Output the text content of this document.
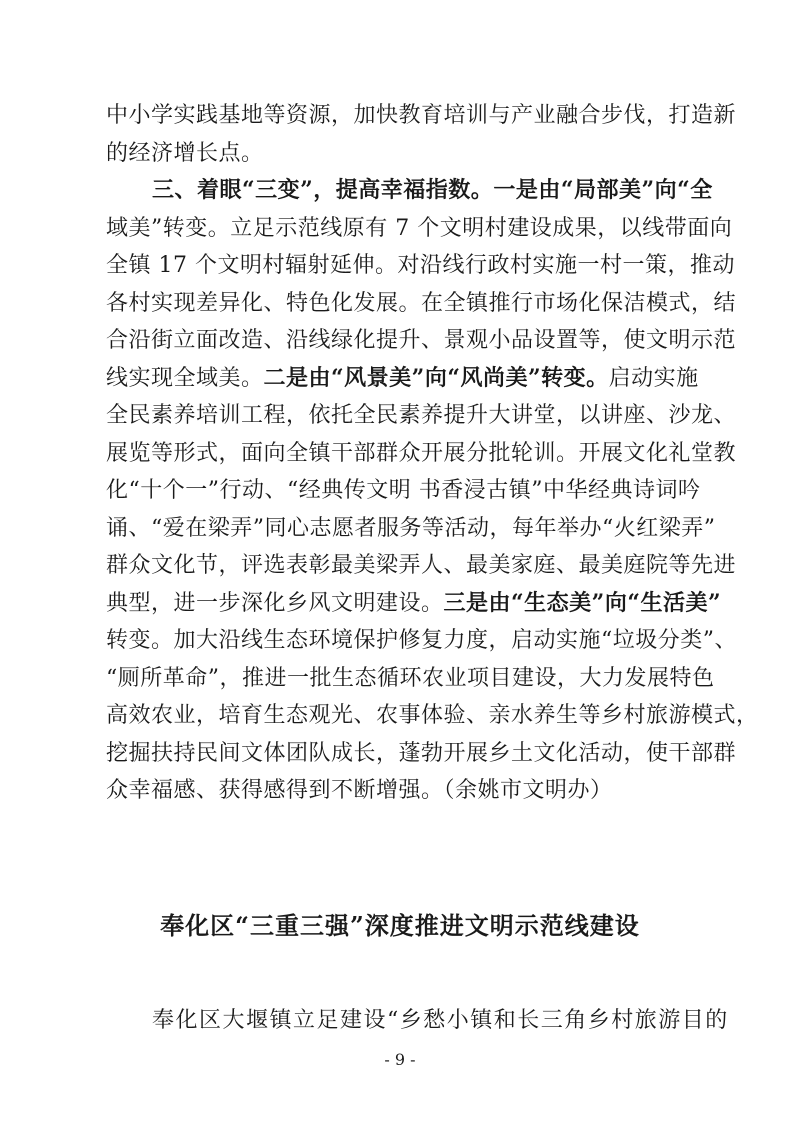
中小学实践基地等资源，加快教育培训与产业融合步伐，打造新
的经济增长点。
三、着眼“三变”，提高幸福指数。一是由“局部美”向“全
域美”转变。立足示范线原有 7 个文明村建设成果，以线带面向
全镇 17 个文明村辐射延伸。对沿线行政村实施一村一策，推动
各村实现差异化、特色化发展。在全镇推行市场化保洁模式，结
合沿街立面改造、沿线绿化提升、景观小品设置等，使文明示范
线实现全域美。二是由“风景美”向“风尚美”转变。启动实施
全民素养培训工程，依托全民素养提升大讲堂，以讲座、沙龙、
展览等形式，面向全镇干部群众开展分批轮训。开展文化礼堂教
化“十个一”行动、“经典传文明 书香浸古镇”中华经典诗词吟
诵、“爱在梁弄”同心志愿者服务等活动，每年举办“火红梁弄”
群众文化节，评选表彰最美梁弄人、最美家庭、最美庭院等先进
典型，进一步深化乡风文明建设。三是由“生态美”向“生活美”
转变。加大沿线生态环境保护修复力度，启动实施“垃圾分类”、
“厕所革命”，推进一批生态循环农业项目建设，大力发展特色
高效农业，培育生态观光、农事体验、亲水养生等乡村旅游模式，
挖掘扶持民间文体团队成长，蓬勃开展乡土文化活动，使干部群
众幸福感、获得感得到不断增强。（余姚市文明办）
奉化区“三重三强”深度推进文明示范线建设
奉化区大堰镇立足建设“乡愁小镇和长三角乡村旅游目的
- 9 -
